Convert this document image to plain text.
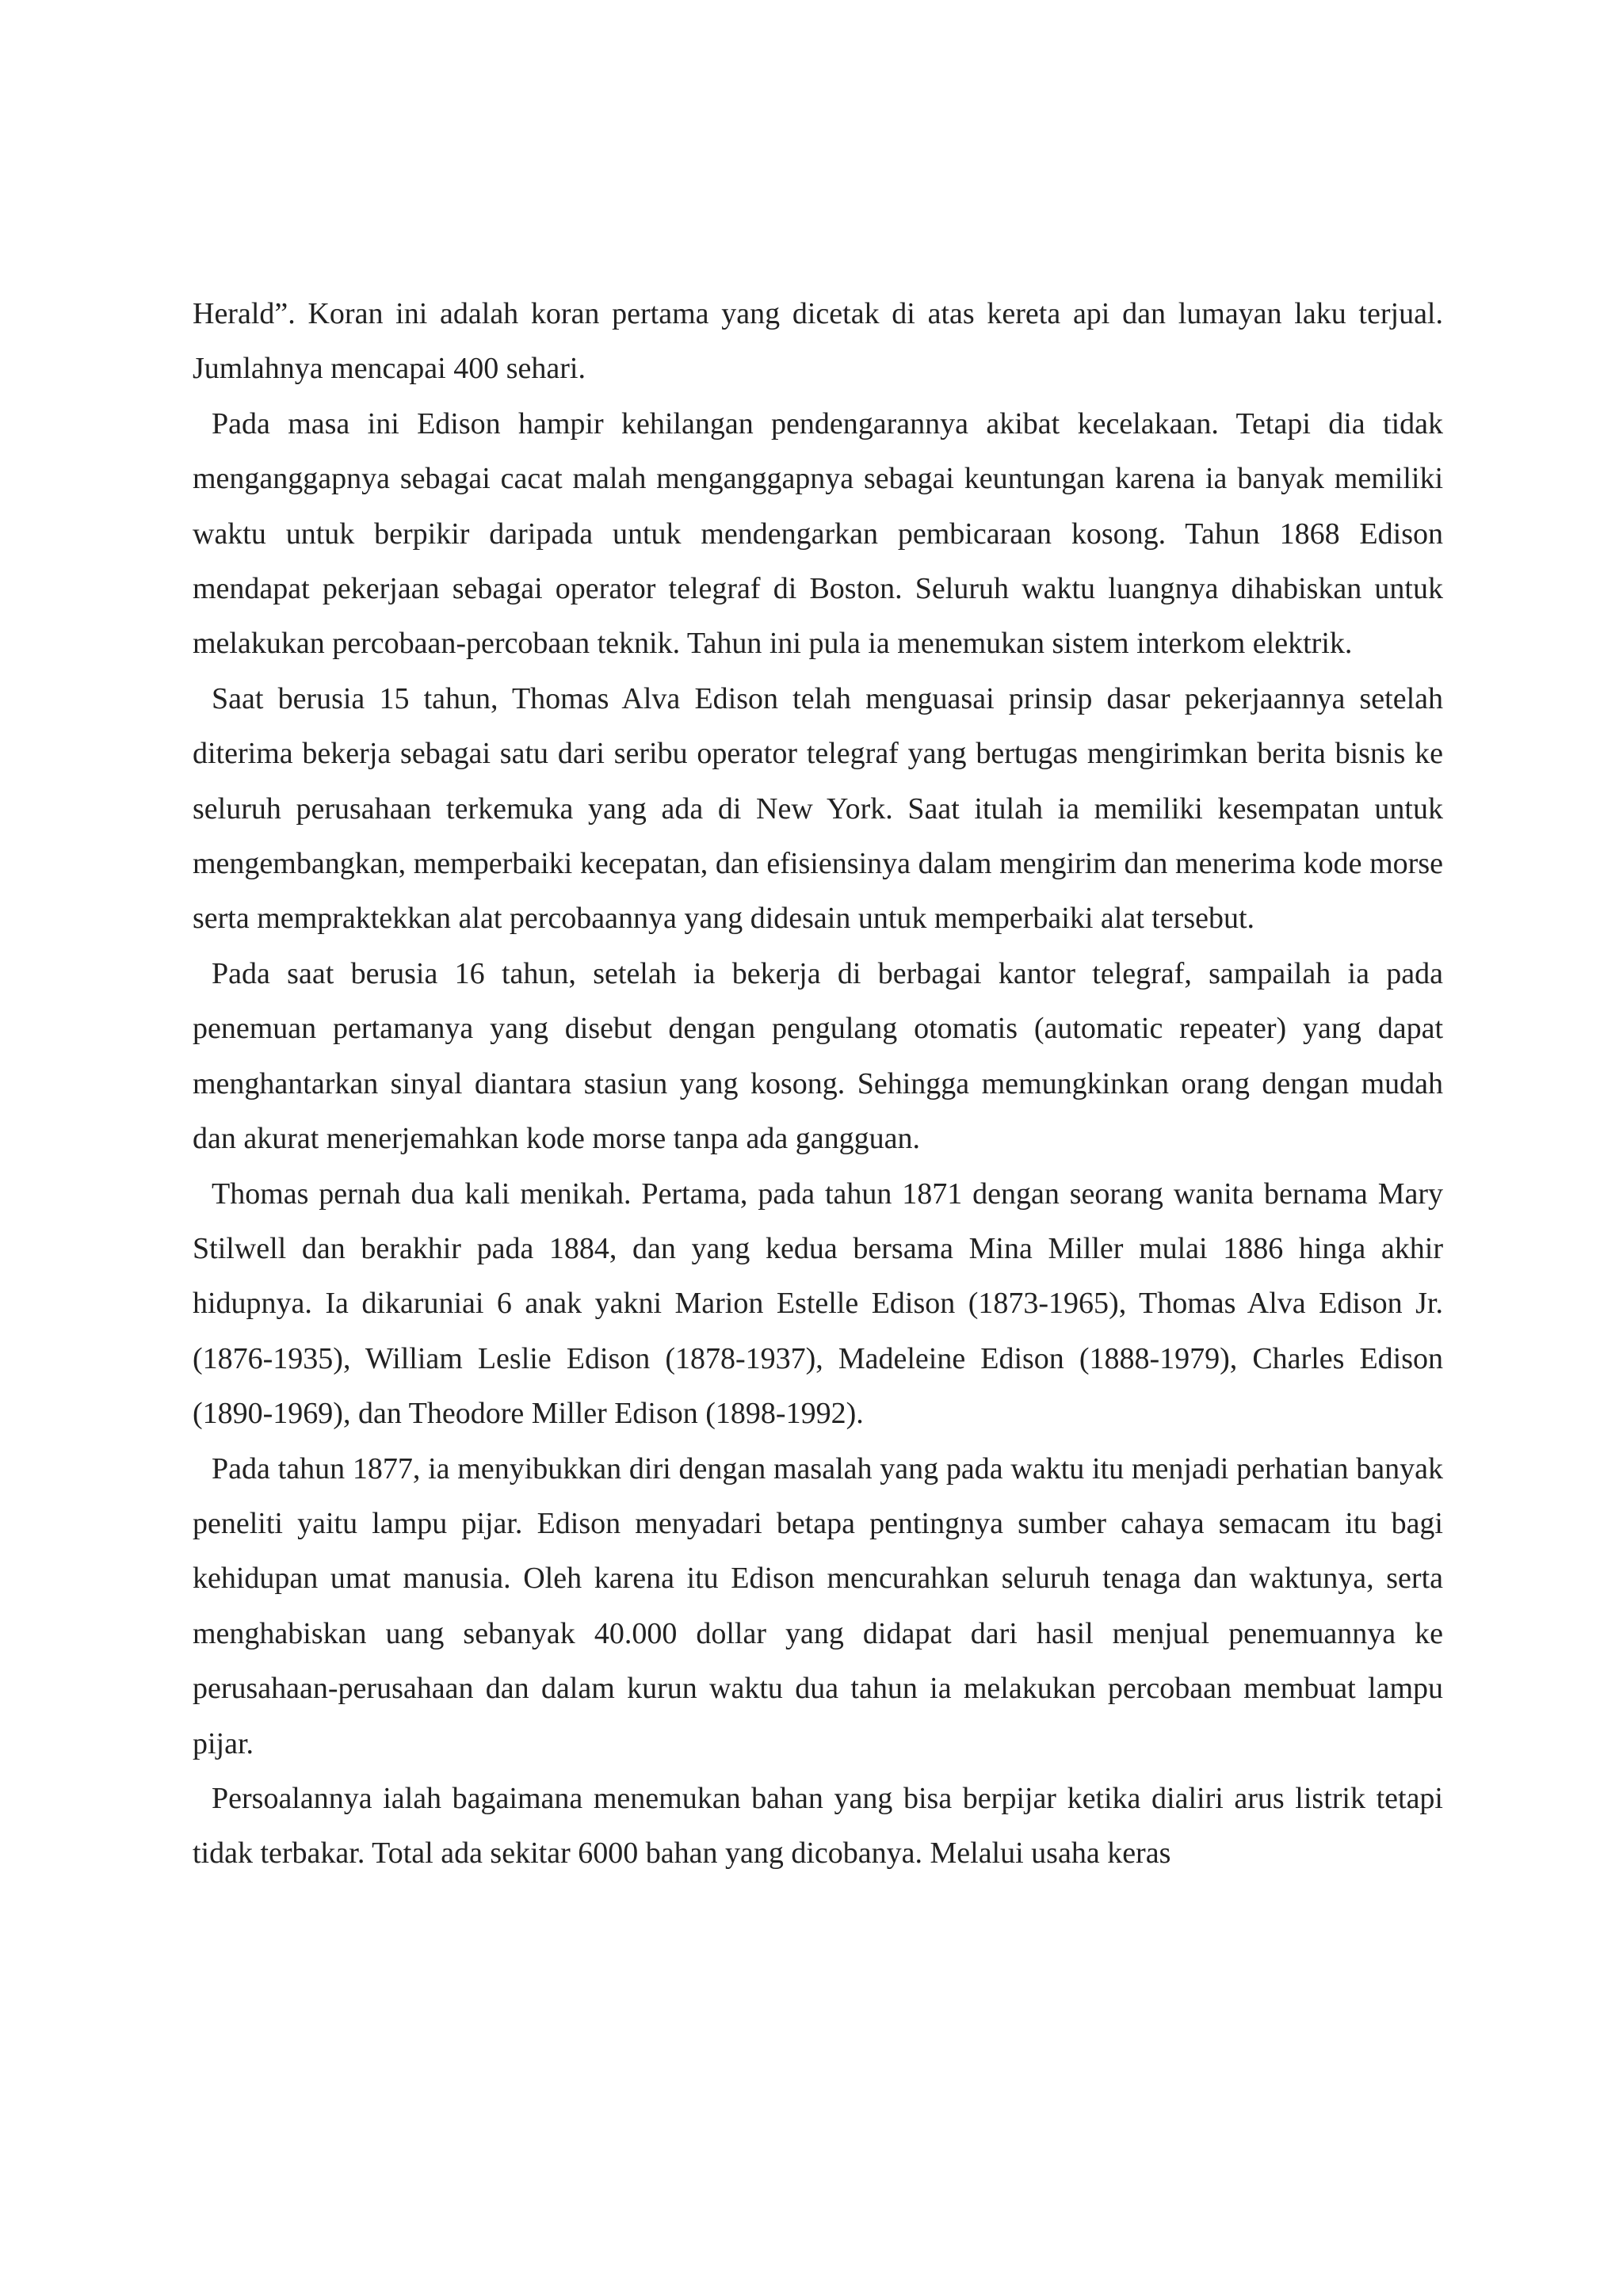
Herald”. Koran ini adalah koran pertama yang dicetak di atas kereta api dan lumayan laku terjual. Jumlahnya mencapai 400 sehari.

Pada masa ini Edison hampir kehilangan pendengarannya akibat kecelakaan. Tetapi dia tidak menganggapnya sebagai cacat malah menganggapnya sebagai keuntungan karena ia banyak memiliki waktu untuk berpikir daripada untuk mendengarkan pembicaraan kosong. Tahun 1868 Edison mendapat pekerjaan sebagai operator telegraf di Boston. Seluruh waktu luangnya dihabiskan untuk melakukan percobaan-percobaan teknik. Tahun ini pula ia menemukan sistem interkom elektrik.

Saat berusia 15 tahun, Thomas Alva Edison telah menguasai prinsip dasar pekerjaannya setelah diterima bekerja sebagai satu dari seribu operator telegraf yang bertugas mengirimkan berita bisnis ke seluruh perusahaan terkemuka yang ada di New York. Saat itulah ia memiliki kesempatan untuk mengembangkan, memperbaiki kecepatan, dan efisiensinya dalam mengirim dan menerima kode morse serta mempraktekkan alat percobaannya yang didesain untuk memperbaiki alat tersebut.

Pada saat berusia 16 tahun, setelah ia bekerja di berbagai kantor telegraf, sampailah ia pada penemuan pertamanya yang disebut dengan pengulang otomatis (automatic repeater) yang dapat menghantarkan sinyal diantara stasiun yang kosong. Sehingga memungkinkan orang dengan mudah dan akurat menerjemahkan kode morse tanpa ada gangguan.

Thomas pernah dua kali menikah. Pertama, pada tahun 1871 dengan seorang wanita bernama Mary Stilwell dan berakhir pada 1884, dan yang kedua bersama Mina Miller mulai 1886 hinga akhir hidupnya. Ia dikaruniai 6 anak yakni Marion Estelle Edison (1873-1965), Thomas Alva Edison Jr. (1876-1935), William Leslie Edison (1878-1937), Madeleine Edison (1888-1979), Charles Edison (1890-1969), dan Theodore Miller Edison (1898-1992).

Pada tahun 1877, ia menyibukkan diri dengan masalah yang pada waktu itu menjadi perhatian banyak peneliti yaitu lampu pijar. Edison menyadari betapa pentingnya sumber cahaya semacam itu bagi kehidupan umat manusia. Oleh karena itu Edison mencurahkan seluruh tenaga dan waktunya, serta menghabiskan uang sebanyak 40.000 dollar yang didapat dari hasil menjual penemuannya ke perusahaan-perusahaan dan dalam kurun waktu dua tahun ia melakukan percobaan membuat lampu pijar.

Persoalannya ialah bagaimana menemukan bahan yang bisa berpijar ketika dialiri arus listrik tetapi tidak terbakar. Total ada sekitar 6000 bahan yang dicobanya. Melalui usaha keras
